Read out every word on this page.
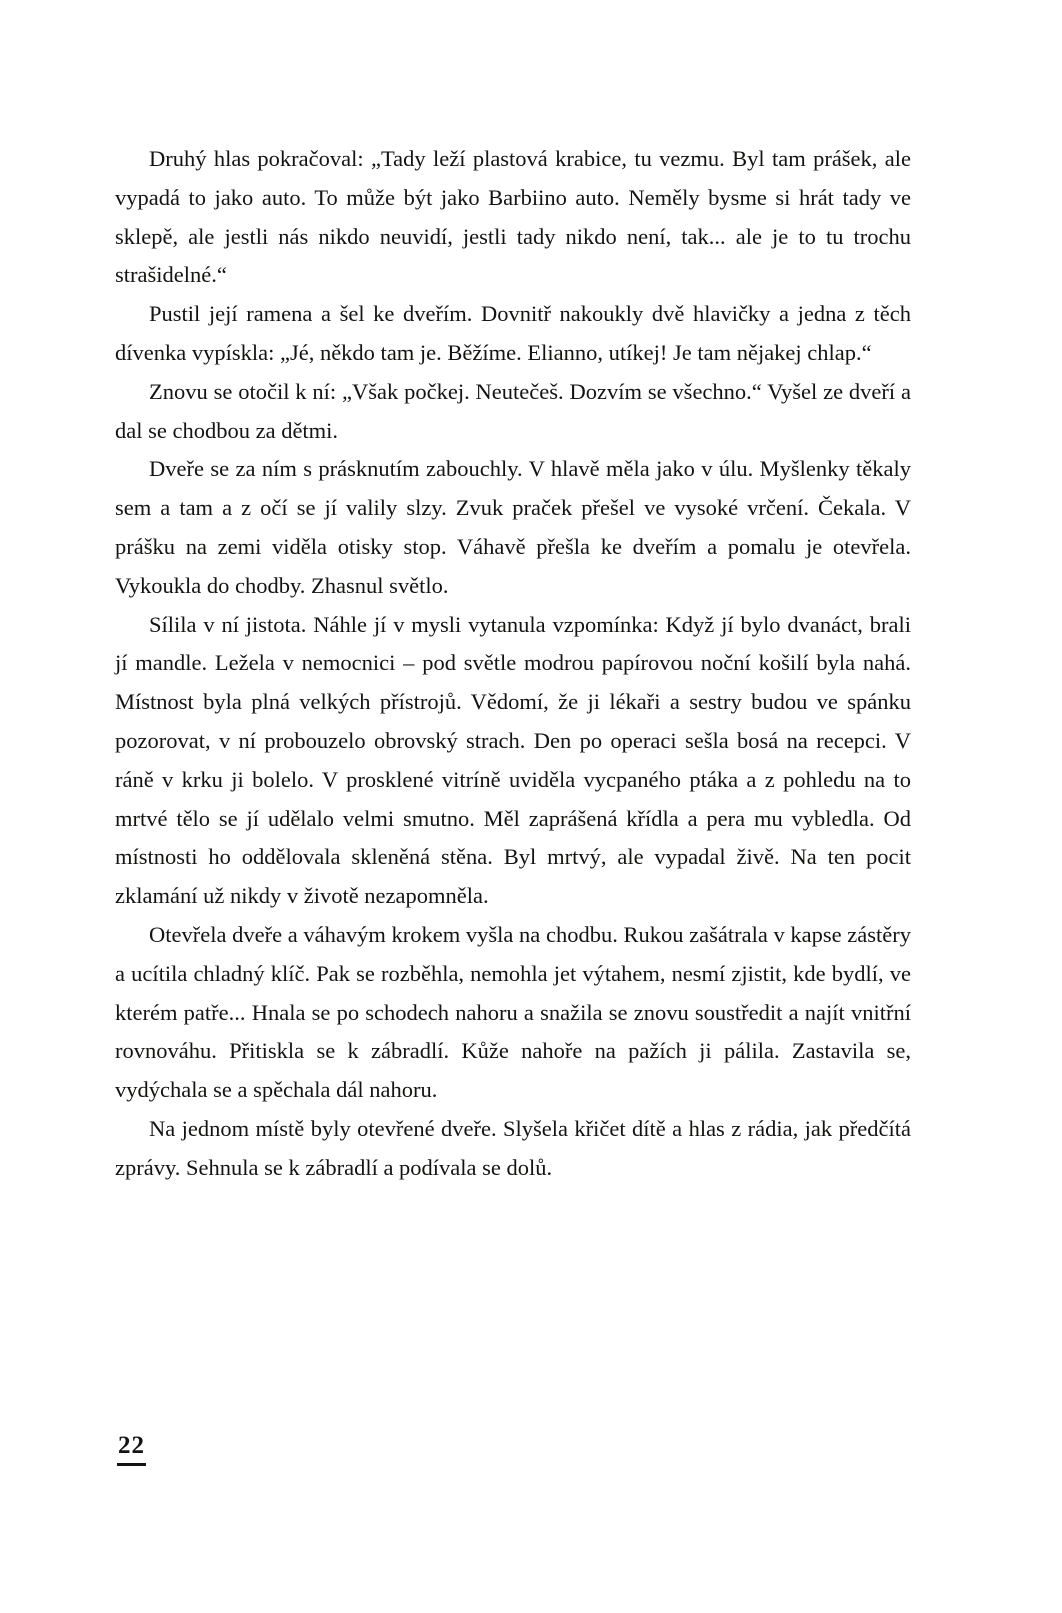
Druhý hlas pokračoval: „Tady leží plastová krabice, tu vezmu. Byl tam prášek, ale vypadá to jako auto. To může být jako Barbiino auto. Neměly bysme si hrát tady ve sklepě, ale jestli nás nikdo neuvidí, jestli tady nikdo není, tak... ale je to tu trochu strašidelné.“

Pustil její ramena a šel ke dveřím. Dovnitř nakoukly dvě hlavičky a jedna z těch dívenka vypískla: „Jé, někdo tam je. Běžíme. Elianno, utíkej! Je tam nějakej chlap.“

Znovu se otočil k ní: „Však počkej. Neutečeš. Dozvím se všechno.“ Vyšel ze dveří a dal se chodbou za dětmi.

Dveře se za ním s prásknutím zabouchly. V hlavě měla jako v úlu. Myšlenky těkaly sem a tam a z očí se jí valily slzy. Zvuk praček přešel ve vysoké vrčení. Čekala. V prášku na zemi viděla otisky stop. Váhavě přešla ke dveřím a pomalu je otevřela. Vykoukla do chodby. Zhasnul světlo.

Sílila v ní jistota. Náhle jí v mysli vytanula vzpomínka: Když jí bylo dvanáct, brali jí mandle. Ležela v nemocnici – pod světle modrou papírovou noční košilí byla nahá. Místnost byla plná velkých přístrojů. Vědomí, že ji lékaři a sestry budou ve spánku pozorovat, v ní probouzelo obrovský strach. Den po operaci sešla bosá na recepci. V ráně v krku ji bolelo. V prosklené vitríně uviděla vycpaného ptáka a z pohledu na to mrtvé tělo se jí udělalo velmi smutno. Měl zaprášená křídla a pera mu vybledla. Od místnosti ho oddělovala skleněná stěna. Byl mrtvý, ale vypadal živě. Na ten pocit zklamání už nikdy v životě nezapomněla.

Otevřela dveře a váhavým krokem vyšla na chodbu. Rukou zašátrala v kapse zástěry a ucítila chladný klíč. Pak se rozběhla, nemohla jet výtahem, nesmí zjistit, kde bydlí, ve kterém patře... Hnala se po schodech nahoru a snažila se znovu soustředit a najít vnitřní rovnováhu. Přitiskla se k zábradlí. Kůže nahoře na pažích ji pálila. Zastavila se, vydýchala se a spěchala dál nahoru.

Na jednom místě byly otevřené dveře. Slyšela křičet dítě a hlas z rádia, jak předčítá zprávy. Sehnula se k zábradlí a podívala se dolů.

22
